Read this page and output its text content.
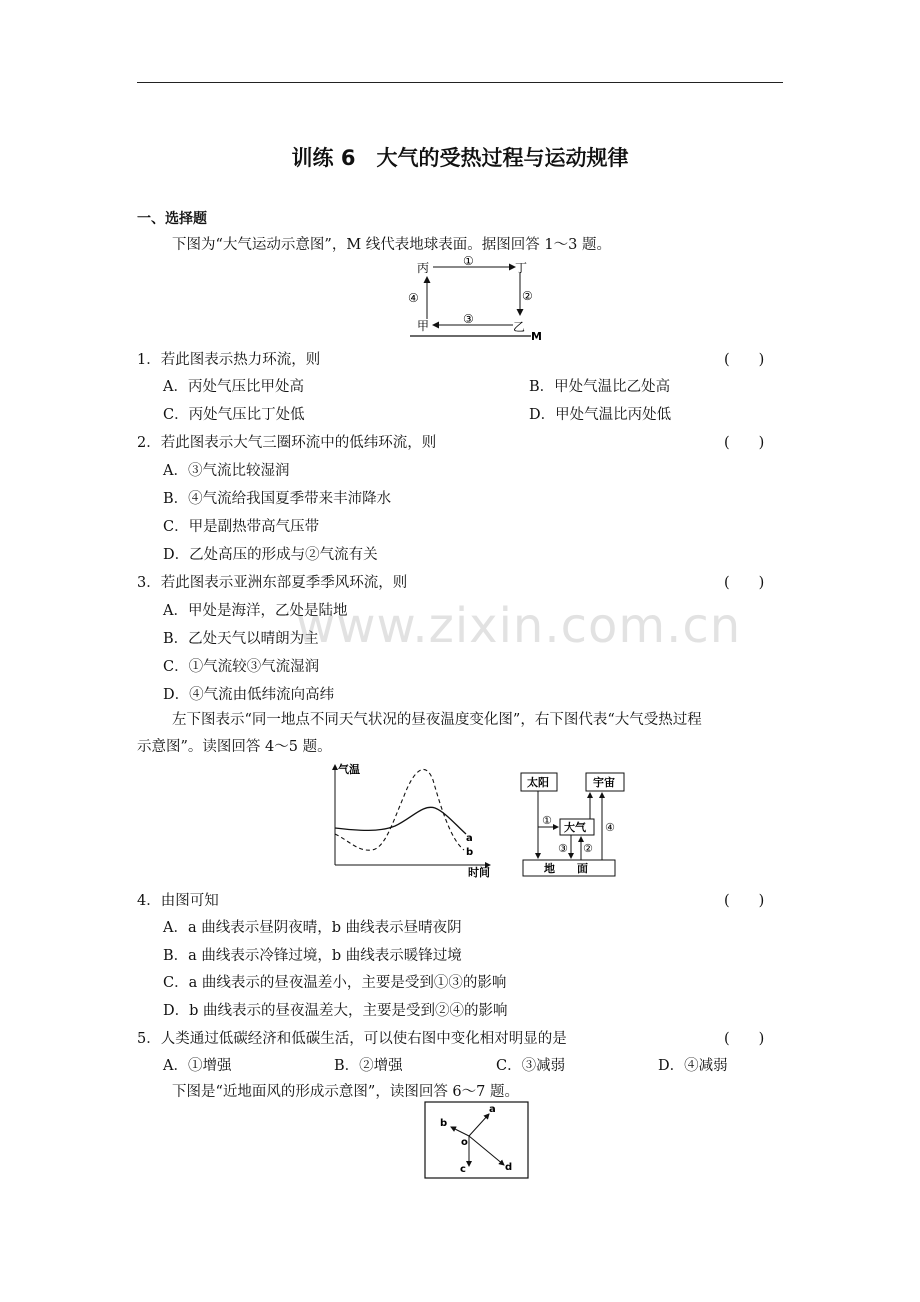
训练 6　大气的受热过程与运动规律
一、选择题
下图为“大气运动示意图”，M 线代表地球表面。据图回答 1～3 题。
丙	丁
甲	乙
M
①
②
③
④
1．若此图表示热力环流，则	(　　)
A．丙处气压比甲处高	B．甲处气温比乙处高
C．丙处气压比丁处低	D．甲处气温比丙处低
2．若此图表示大气三圈环流中的低纬环流，则	(　　)
A．③气流比较湿润
B．④气流给我国夏季带来丰沛降水
C．甲是副热带高气压带
D．乙处高压的形成与②气流有关
3．若此图表示亚洲东部夏季季风环流，则	(　　)
A．甲处是海洋，乙处是陆地
B．乙处天气以晴朗为主
C．①气流较③气流湿润
D．④气流由低纬流向高纬
左下图表示“同一地点不同天气状况的昼夜温度变化图”，右下图代表“大气受热过程
示意图”。读图回答 4～5 题。
气温
时间
a
b
太阳	宇宙
大气
地　　面
①
③ ②
④
4．由图可知	(　　)
A．a 曲线表示昼阴夜晴，b 曲线表示昼晴夜阴
B．a 曲线表示冷锋过境，b 曲线表示暖锋过境
C．a 曲线表示的昼夜温差小，主要是受到①③的影响
D．b 曲线表示的昼夜温差大，主要是受到②④的影响
5．人类通过低碳经济和低碳生活，可以使右图中变化相对明显的是	(　　)
A．①增强	B．②增强	C．③减弱	D．④减弱
下图是“近地面风的形成示意图”，读图回答 6～7 题。
a
b
c	d
o
www.zixin.com.cn
